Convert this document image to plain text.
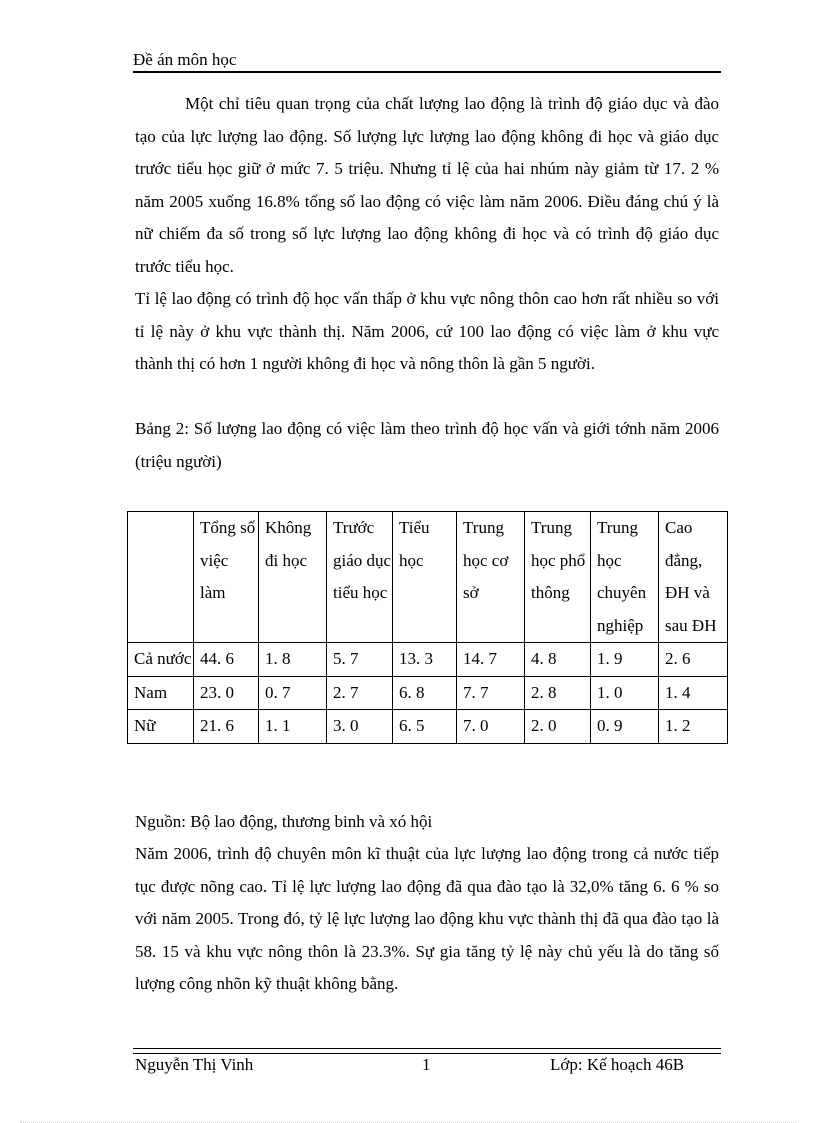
Đề án môn học

Một chỉ tiêu quan trọng của chất lượng lao động là trình độ giáo dục và đào tạo của lực lượng lao động. Số lượng lực lượng lao động không đi học và giáo dục trước tiểu học giữ ở mức 7. 5 triệu. Nhưng tỉ lệ của hai nhúm này giảm từ 17. 2 % năm 2005 xuống 16.8% tổng số lao động có việc làm năm 2006. Điều đáng chú ý là nữ chiếm đa số trong số lực lượng lao động không đi học và có trình độ giáo dục trước tiểu học.

Tỉ lệ lao động có trình độ học vấn thấp ở khu vực nông thôn cao hơn rất nhiều so với tỉ lệ này ở khu vực thành thị. Năm 2006, cứ 100 lao động có việc làm ở khu vực thành thị có hơn 1 người không đi học và nông thôn là gần 5 người.

Bảng 2: Số lượng lao động có việc làm theo trình độ học vấn và giới tớnh năm 2006 (triệu người)

	Tổng số việc làm	Không đi học	Trước giáo dục tiểu học	Tiểu học	Trung học cơ sở	Trung học phổ thông	Trung học chuyên nghiệp	Cao đẳng, ĐH và sau ĐH
Cả nước	44. 6	1. 8	5. 7	13. 3	14. 7	4. 8	1. 9	2. 6
Nam	23. 0	0. 7	2. 7	6. 8	7. 7	2. 8	1. 0	1. 4
Nữ	21. 6	1. 1	3. 0	6. 5	7. 0	2. 0	0. 9	1. 2

Nguồn: Bộ lao động, thương binh và xó hội

Năm 2006, trình độ chuyên môn kĩ thuật của lực lượng lao động trong cả nước tiếp tục được nõng cao. Tỉ lệ lực lượng lao động đã qua đào tạo là 32,0% tăng 6. 6 % so với năm 2005. Trong đó, tỷ lệ lực lượng lao động khu vực thành thị đã qua đào tạo là 58. 15 và khu vực nông thôn là 23.3%. Sự gia tăng tỷ lệ này chủ yếu là do tăng số lượng công nhõn kỹ thuật không bằng.

Nguyễn Thị Vinh	1	Lớp: Kế hoạch 46B
